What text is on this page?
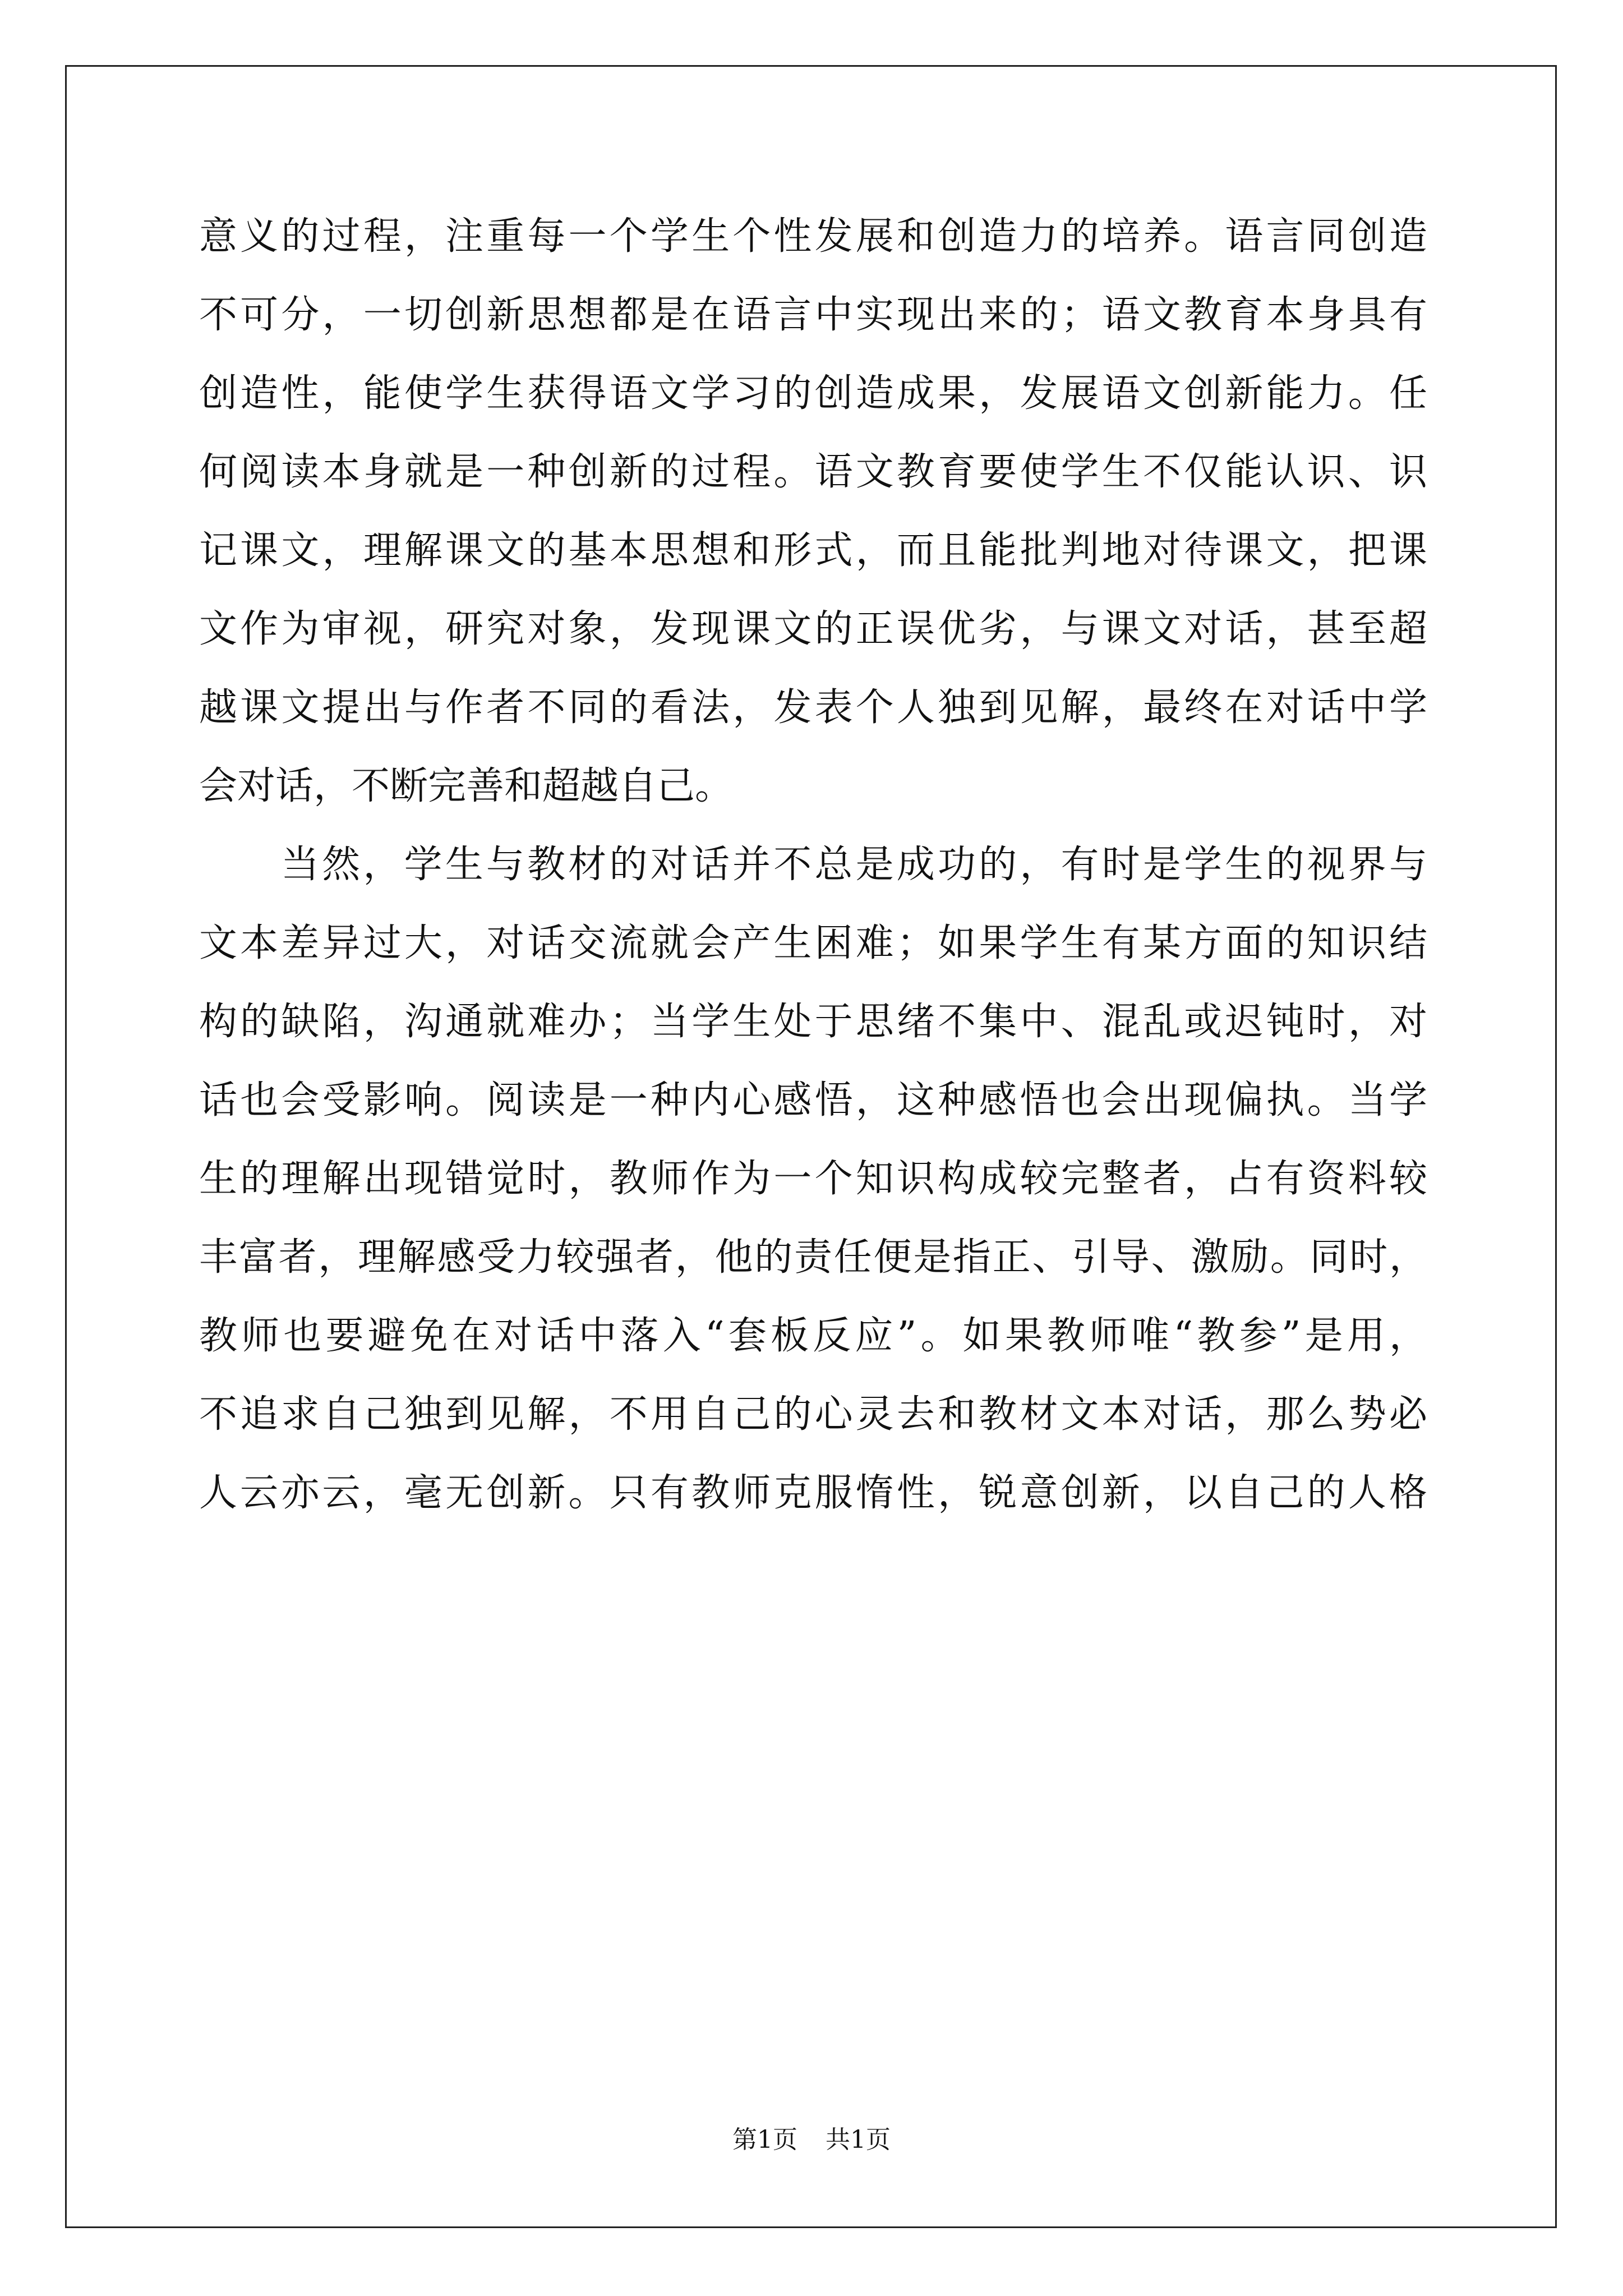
意义的过程，注重每一个学生个性发展和创造力的培养。语言同创造
不可分，一切创新思想都是在语言中实现出来的；语文教育本身具有
创造性，能使学生获得语文学习的创造成果，发展语文创新能力。任
何阅读本身就是一种创新的过程。语文教育要使学生不仅能认识、识
记课文，理解课文的基本思想和形式，而且能批判地对待课文，把课
文作为审视，研究对象，发现课文的正误优劣，与课文对话，甚至超
越课文提出与作者不同的看法，发表个人独到见解，最终在对话中学
会对话，不断完善和超越自己。
当然，学生与教材的对话并不总是成功的，有时是学生的视界与
文本差异过大，对话交流就会产生困难；如果学生有某方面的知识结
构的缺陷，沟通就难办；当学生处于思绪不集中、混乱或迟钝时，对
话也会受影响。阅读是一种内心感悟，这种感悟也会出现偏执。当学
生的理解出现错觉时，教师作为一个知识构成较完整者，占有资料较
丰富者，理解感受力较强者，他的责任便是指正、引导、激励。同时，
教师也要避免在对话中落入“套板反应”。如果教师唯“教参”是用，
不追求自己独到见解，不用自己的心灵去和教材文本对话，那么势必
人云亦云，毫无创新。只有教师克服惰性，锐意创新，以自己的人格
第1页 共1页
